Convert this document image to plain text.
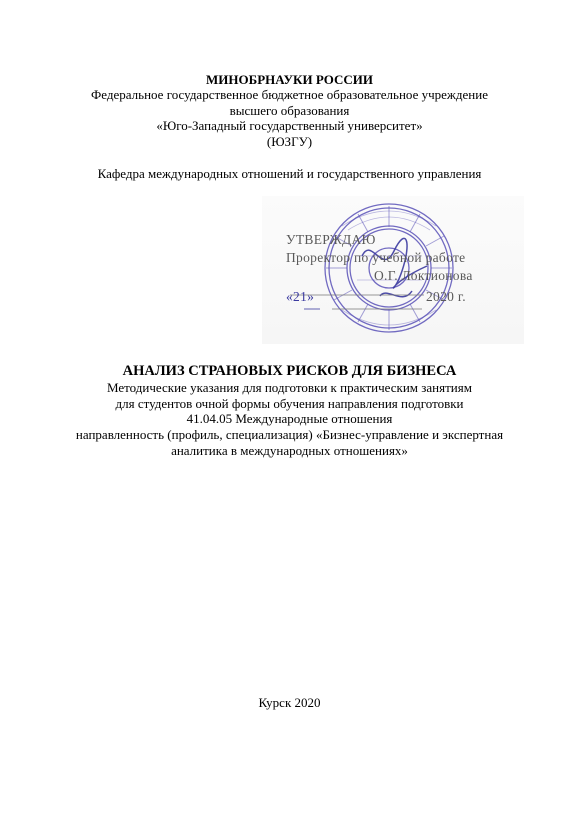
МИНОБРНАУКИ РОССИИ
Федеральное государственное бюджетное образовательное учреждение
высшего образования
«Юго-Западный государственный университет»
(ЮЗГУ)
Кафедра международных отношений и государственного управления
УТВЕРЖДАЮ
Проректор по учебной работе
О.Г. Локтионова
«21»	2020 г.
АНАЛИЗ СТРАНОВЫХ РИСКОВ ДЛЯ БИЗНЕСА
Методические указания для подготовки к практическим занятиям
для студентов очной формы обучения направления подготовки
41.04.05 Международные отношения
направленность (профиль, специализация) «Бизнес-управление и экспертная
аналитика в международных отношениях»
Курск 2020
